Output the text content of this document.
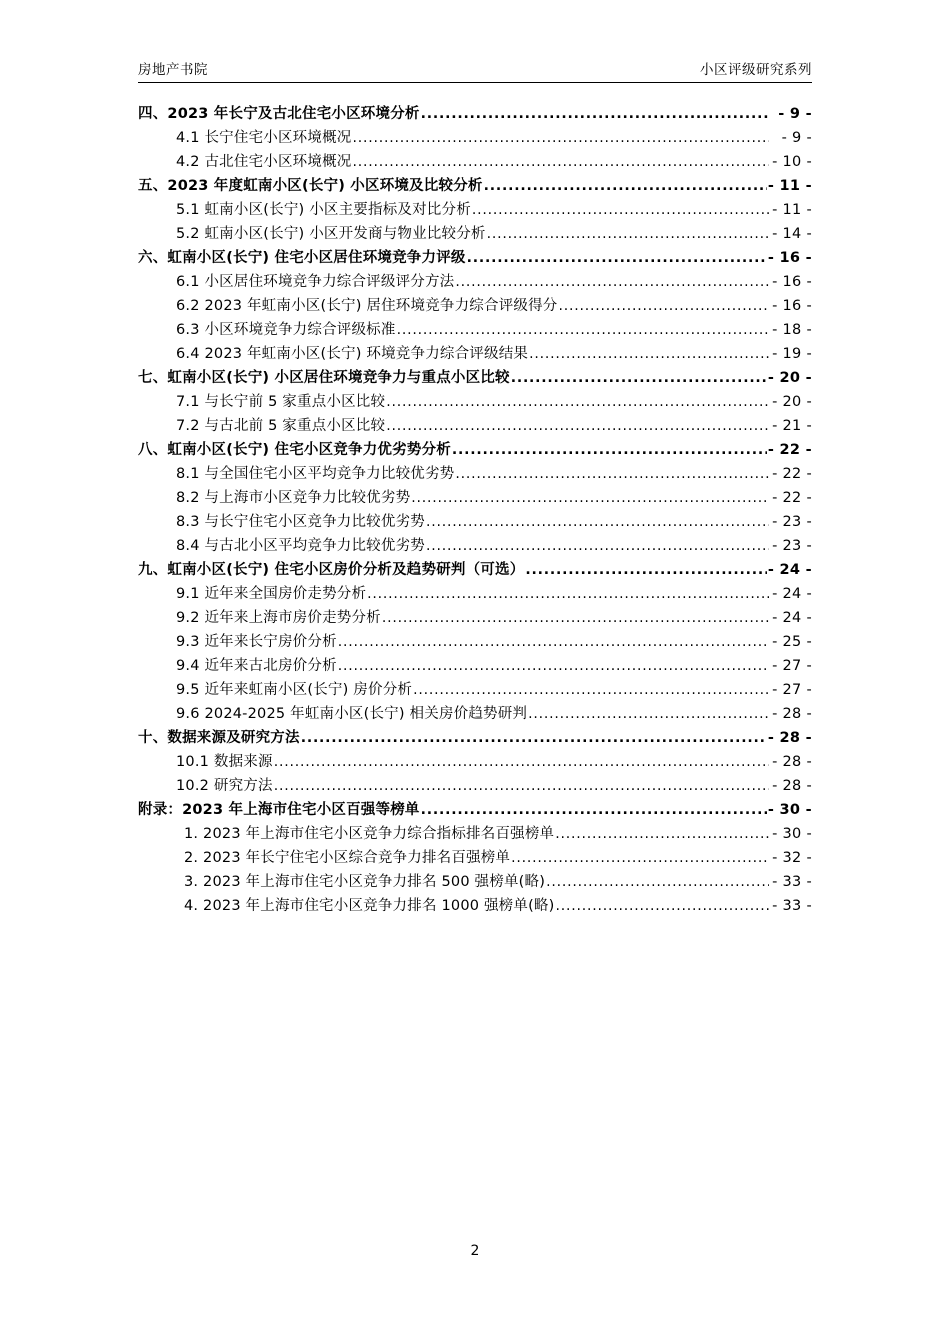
房地产书院	小区评级研究系列
四、2023 年长宁及古北住宅小区环境分析 .....	- 9 -
4.1 长宁住宅小区环境概况 .....	- 9 -
4.2 古北住宅小区环境概况 .....	- 10 -
五、2023 年度虹南小区(长宁) 小区环境及比较分析 .....	- 11 -
5.1 虹南小区(长宁) 小区主要指标及对比分析 .....	- 11 -
5.2 虹南小区(长宁) 小区开发商与物业比较分析 .....	- 14 -
六、虹南小区(长宁) 住宅小区居住环境竞争力评级 .....	- 16 -
6.1 小区居住环境竞争力综合评级评分方法 .....	- 16 -
6.2 2023 年虹南小区(长宁) 居住环境竞争力综合评级得分 .....	- 16 -
6.3 小区环境竞争力综合评级标准 .....	- 18 -
6.4 2023 年虹南小区(长宁) 环境竞争力综合评级结果 .....	- 19 -
七、虹南小区(长宁) 小区居住环境竞争力与重点小区比较 .....	- 20 -
7.1 与长宁前 5 家重点小区比较 .....	- 20 -
7.2 与古北前 5 家重点小区比较 .....	- 21 -
八、虹南小区(长宁) 住宅小区竞争力优劣势分析 .....	- 22 -
8.1 与全国住宅小区平均竞争力比较优劣势 .....	- 22 -
8.2 与上海市小区竞争力比较优劣势 .....	- 22 -
8.3 与长宁住宅小区竞争力比较优劣势 .....	- 23 -
8.4 与古北小区平均竞争力比较优劣势 .....	- 23 -
九、虹南小区(长宁) 住宅小区房价分析及趋势研判（可选） .....	- 24 -
9.1 近年来全国房价走势分析 .....	- 24 -
9.2 近年来上海市房价走势分析 .....	- 24 -
9.3 近年来长宁房价分析 .....	- 25 -
9.4 近年来古北房价分析 .....	- 27 -
9.5 近年来虹南小区(长宁) 房价分析 .....	- 27 -
9.6 2024-2025 年虹南小区(长宁) 相关房价趋势研判 .....	- 28 -
十、数据来源及研究方法 .....	- 28 -
10.1 数据来源 .....	- 28 -
10.2 研究方法 .....	- 28 -
附录：2023 年上海市住宅小区百强等榜单 .....	- 30 -
1. 2023 年上海市住宅小区竞争力综合指标排名百强榜单 .....	- 30 -
2. 2023 年长宁住宅小区综合竞争力排名百强榜单 .....	- 32 -
3. 2023 年上海市住宅小区竞争力排名 500 强榜单(略) .....	- 33 -
4. 2023 年上海市住宅小区竞争力排名 1000 强榜单(略) .....	- 33 -
2
